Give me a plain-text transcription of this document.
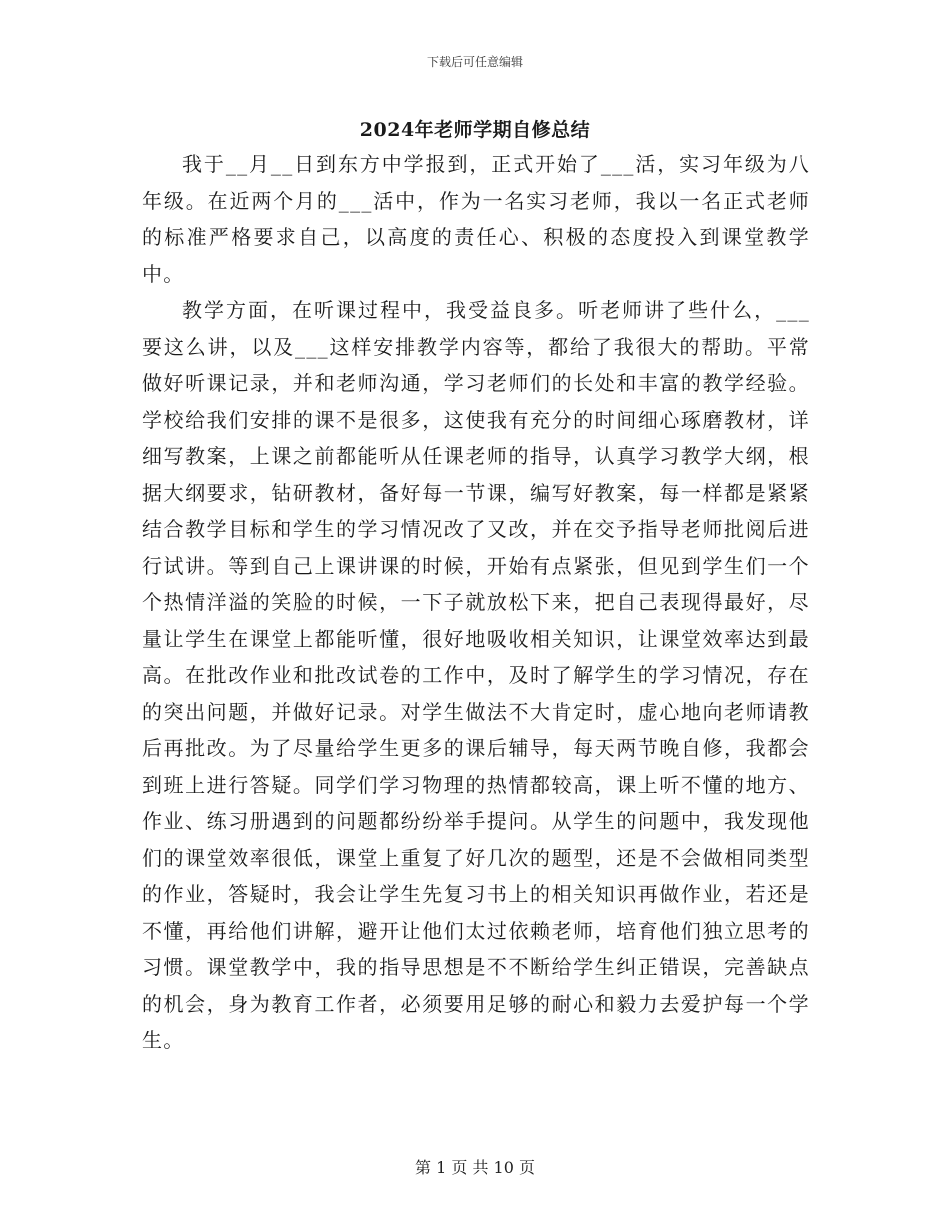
下载后可任意编辑
2024年老师学期自修总结

我于__月__日到东方中学报到，正式开始了___活，实习年级为八年级。在近两个月的___活中，作为一名实习老师，我以一名正式老师的标准严格要求自己，以高度的责任心、积极的态度投入到课堂教学中。

教学方面，在听课过程中，我受益良多。听老师讲了些什么，___要这么讲，以及___这样安排教学内容等，都给了我很大的帮助。平常做好听课记录，并和老师沟通，学习老师们的长处和丰富的教学经验。学校给我们安排的课不是很多，这使我有充分的时间细心琢磨教材，详细写教案，上课之前都能听从任课老师的指导，认真学习教学大纲，根据大纲要求，钻研教材，备好每一节课，编写好教案，每一样都是紧紧结合教学目标和学生的学习情况改了又改，并在交予指导老师批阅后进行试讲。等到自己上课讲课的时候，开始有点紧张，但见到学生们一个个热情洋溢的笑脸的时候，一下子就放松下来，把自己表现得最好，尽量让学生在课堂上都能听懂，很好地吸收相关知识，让课堂效率达到最高。在批改作业和批改试卷的工作中，及时了解学生的学习情况，存在的突出问题，并做好记录。对学生做法不大肯定时，虚心地向老师请教后再批改。为了尽量给学生更多的课后辅导，每天两节晚自修，我都会到班上进行答疑。同学们学习物理的热情都较高，课上听不懂的地方、作业、练习册遇到的问题都纷纷举手提问。从学生的问题中，我发现他们的课堂效率很低，课堂上重复了好几次的题型，还是不会做相同类型的作业，答疑时，我会让学生先复习书上的相关知识再做作业，若还是不懂，再给他们讲解，避开让他们太过依赖老师，培育他们独立思考的习惯。课堂教学中，我的指导思想是不不断给学生纠正错误，完善缺点的机会，身为教育工作者，必须要用足够的耐心和毅力去爱护每一个学生。

第 1 页 共 10 页
